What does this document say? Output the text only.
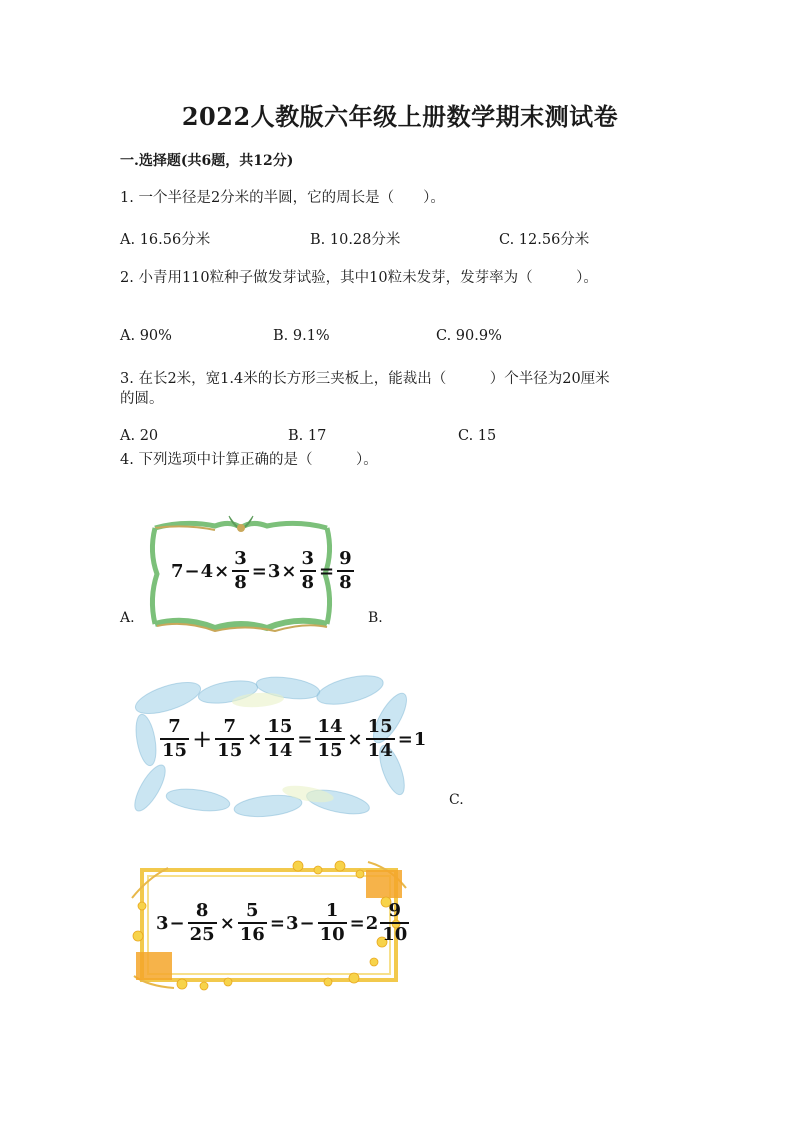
2022人教版六年级上册数学期末测试卷
一.选择题(共6题，共12分)
1. 一个半径是2分米的半圆，它的周长是（　　）。
A. 16.56分米	B. 10.28分米	C. 12.56分米
2. 小青用110粒种子做发芽试验，其中10粒未发芽，发芽率为（　　　）。
A. 90%	B. 9.1%	C. 90.9%
3. 在长2米，宽1.4米的长方形三夹板上，能裁出（　　　）个半径为20厘米
的圆。
A. 20	B. 17	C. 15
4. 下列选项中计算正确的是（　　　）。
A.
$7 - 4 \times \frac{3}{8} = 3 \times \frac{3}{8} = \frac{9}{8}$
B.
7
$15 + \frac{7}{15} \times \frac{15}{14} = \frac{14}{15} \times \frac{15}{14} = 1$
C.
$3 - \frac{8}{25} \times \frac{5}{16} = 3 - \frac{1}{10} = 2$
9
10
